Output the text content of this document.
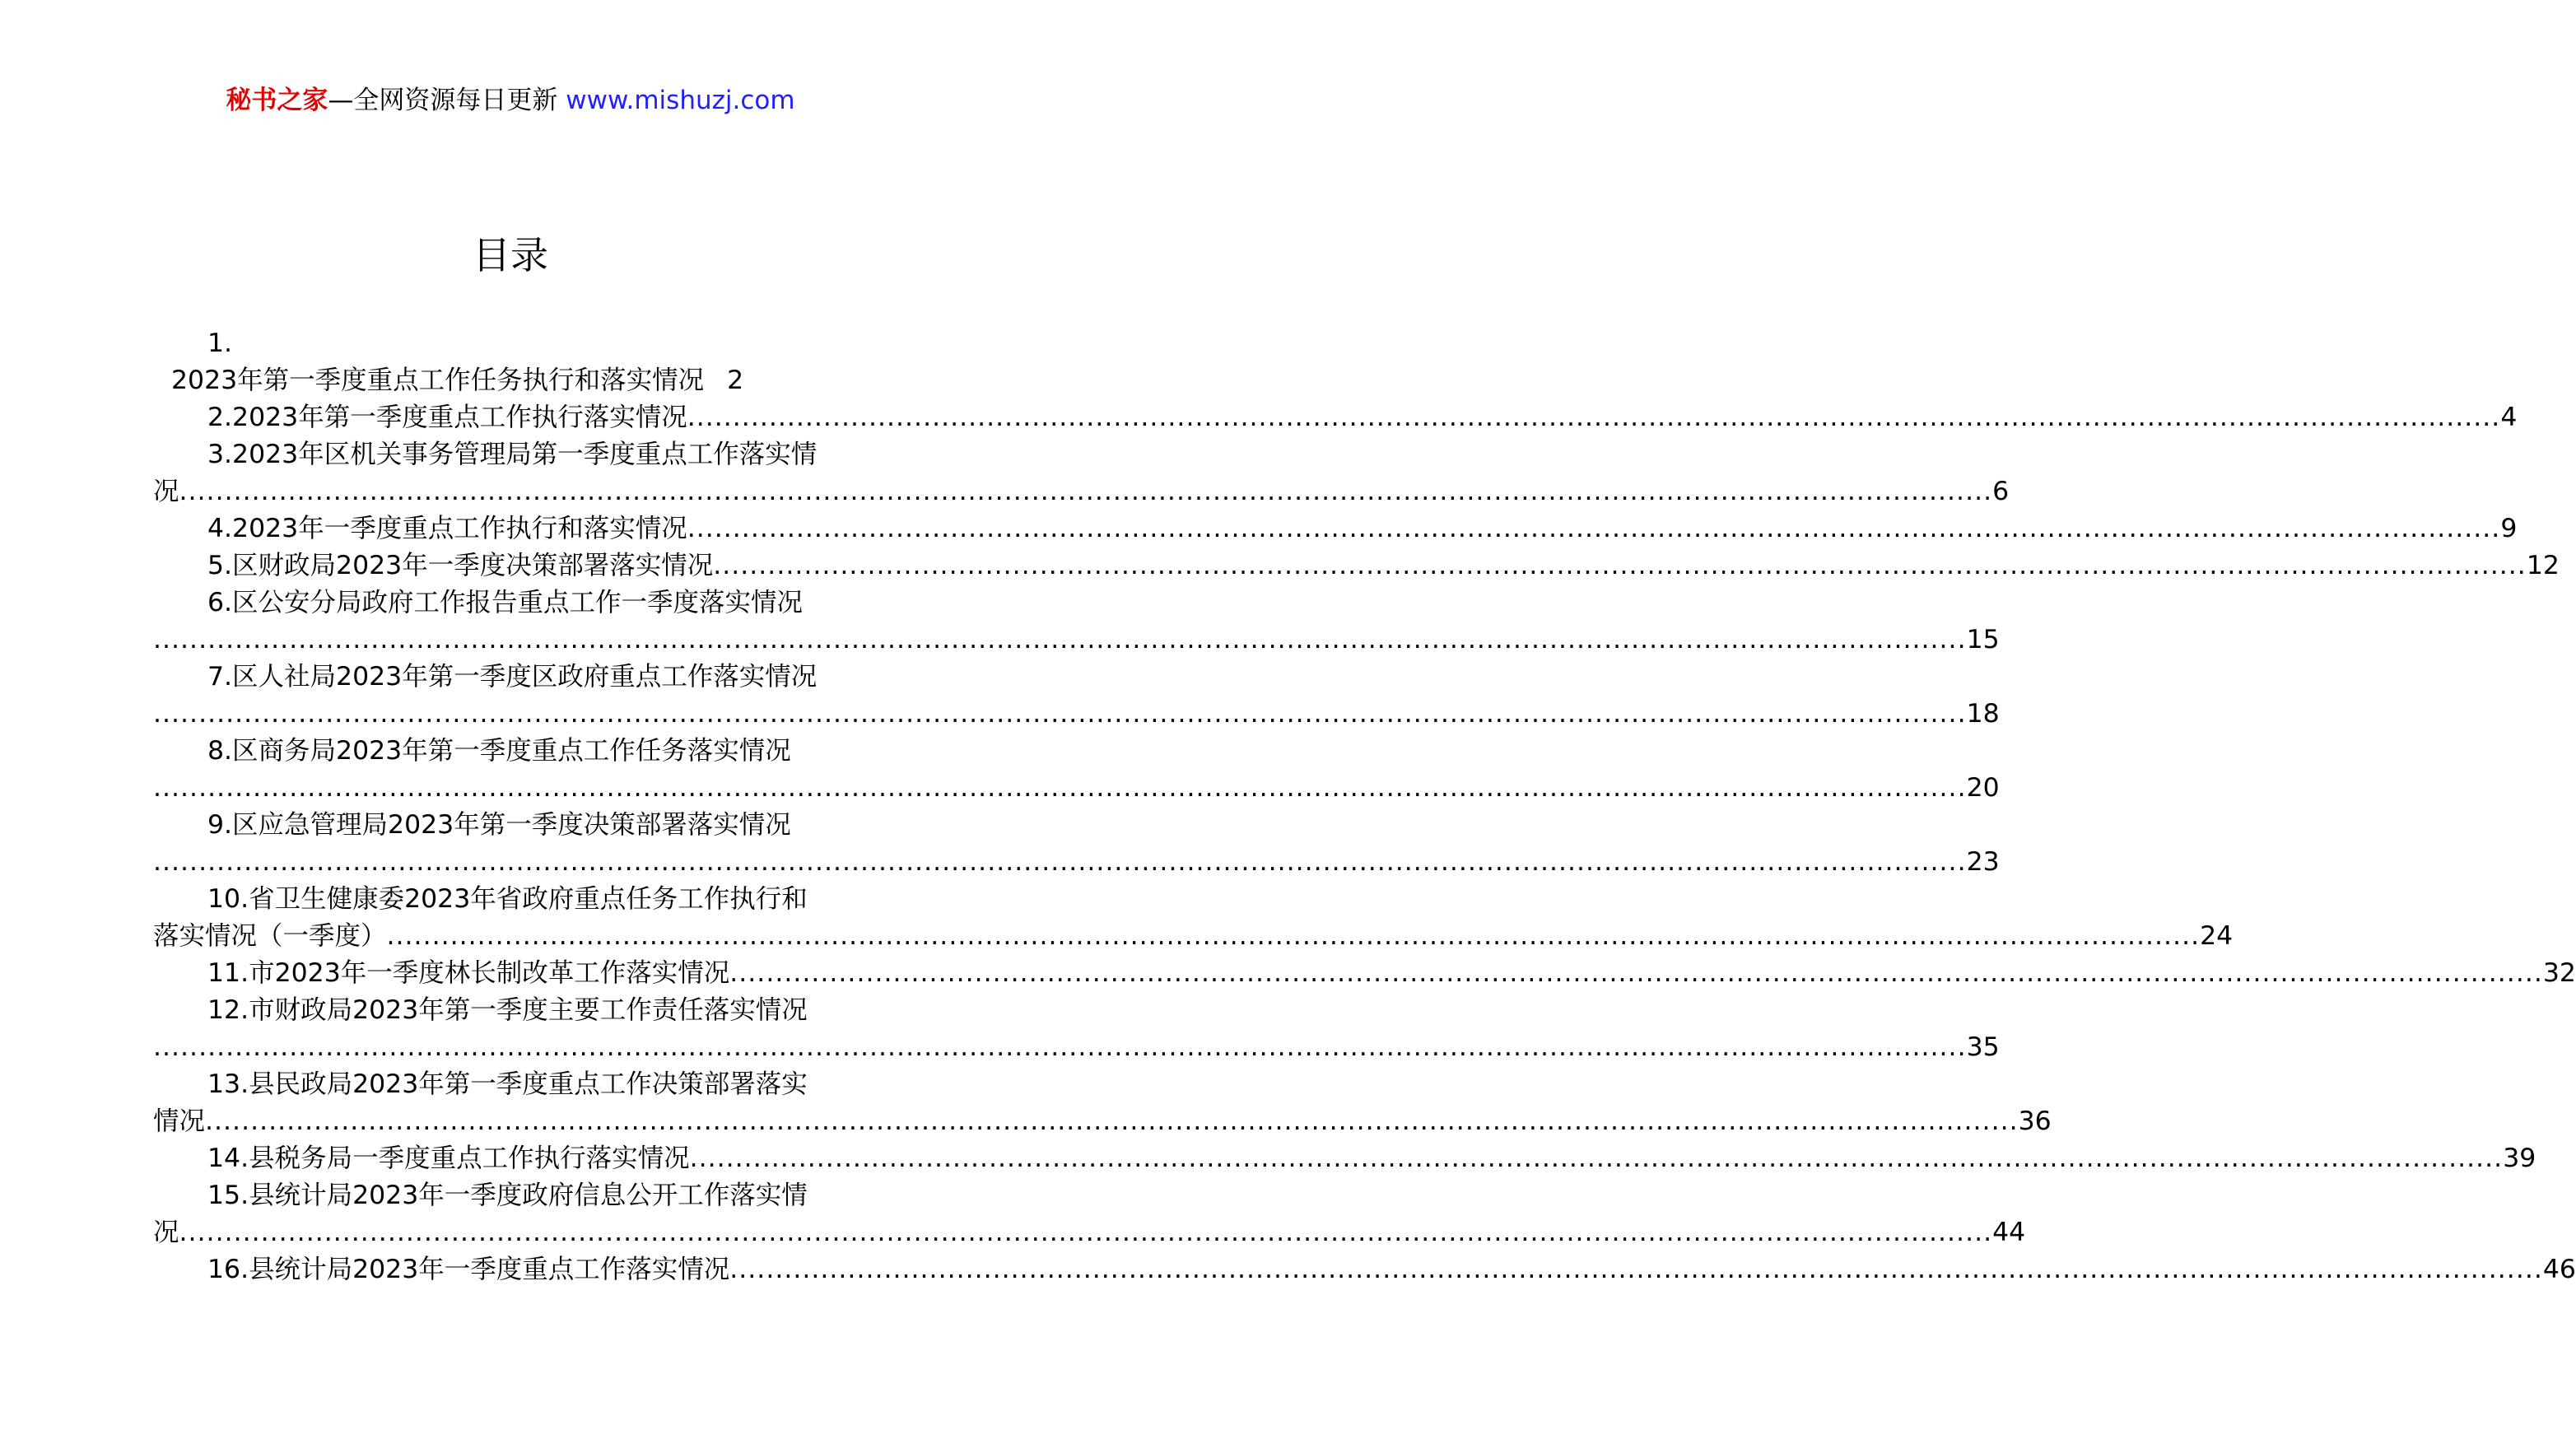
秘书之家—全网资源每日更新 www.mishuzj.com
目录
1.
2023年第一季度重点工作任务执行和落实情况 2
2.2023年第一季度重点工作执行落实情况 ........................................................................................................................................................................................................ 4
3.2023年区机关事务管理局第一季度重点工作落实情
况 ........................................................................................................................................................................................................ 6
4.2023年一季度重点工作执行和落实情况 ........................................................................................................................................................................................................ 9
5.区财政局2023年一季度决策部署落实情况 ........................................................................................................................................................................................................ 12
6.区公安分局政府工作报告重点工作一季度落实情况
........................................................................................................................................................................................................ 15
7.区人社局2023年第一季度区政府重点工作落实情况
........................................................................................................................................................................................................ 18
8.区商务局2023年第一季度重点工作任务落实情况
........................................................................................................................................................................................................ 20
9.区应急管理局2023年第一季度决策部署落实情况
........................................................................................................................................................................................................ 23
10.省卫生健康委2023年省政府重点任务工作执行和
落实情况（一季度） ........................................................................................................................................................................................................ 24
11.市2023年一季度林长制改革工作落实情况 ........................................................................................................................................................................................................ 32
12.市财政局2023年第一季度主要工作责任落实情况
........................................................................................................................................................................................................ 35
13.县民政局2023年第一季度重点工作决策部署落实
情况 ........................................................................................................................................................................................................ 36
14.县税务局一季度重点工作执行落实情况 ........................................................................................................................................................................................................ 39
15.县统计局2023年一季度政府信息公开工作落实情
况 ........................................................................................................................................................................................................ 44
16.县统计局2023年一季度重点工作落实情况 ........................................................................................................................................................................................................ 46
